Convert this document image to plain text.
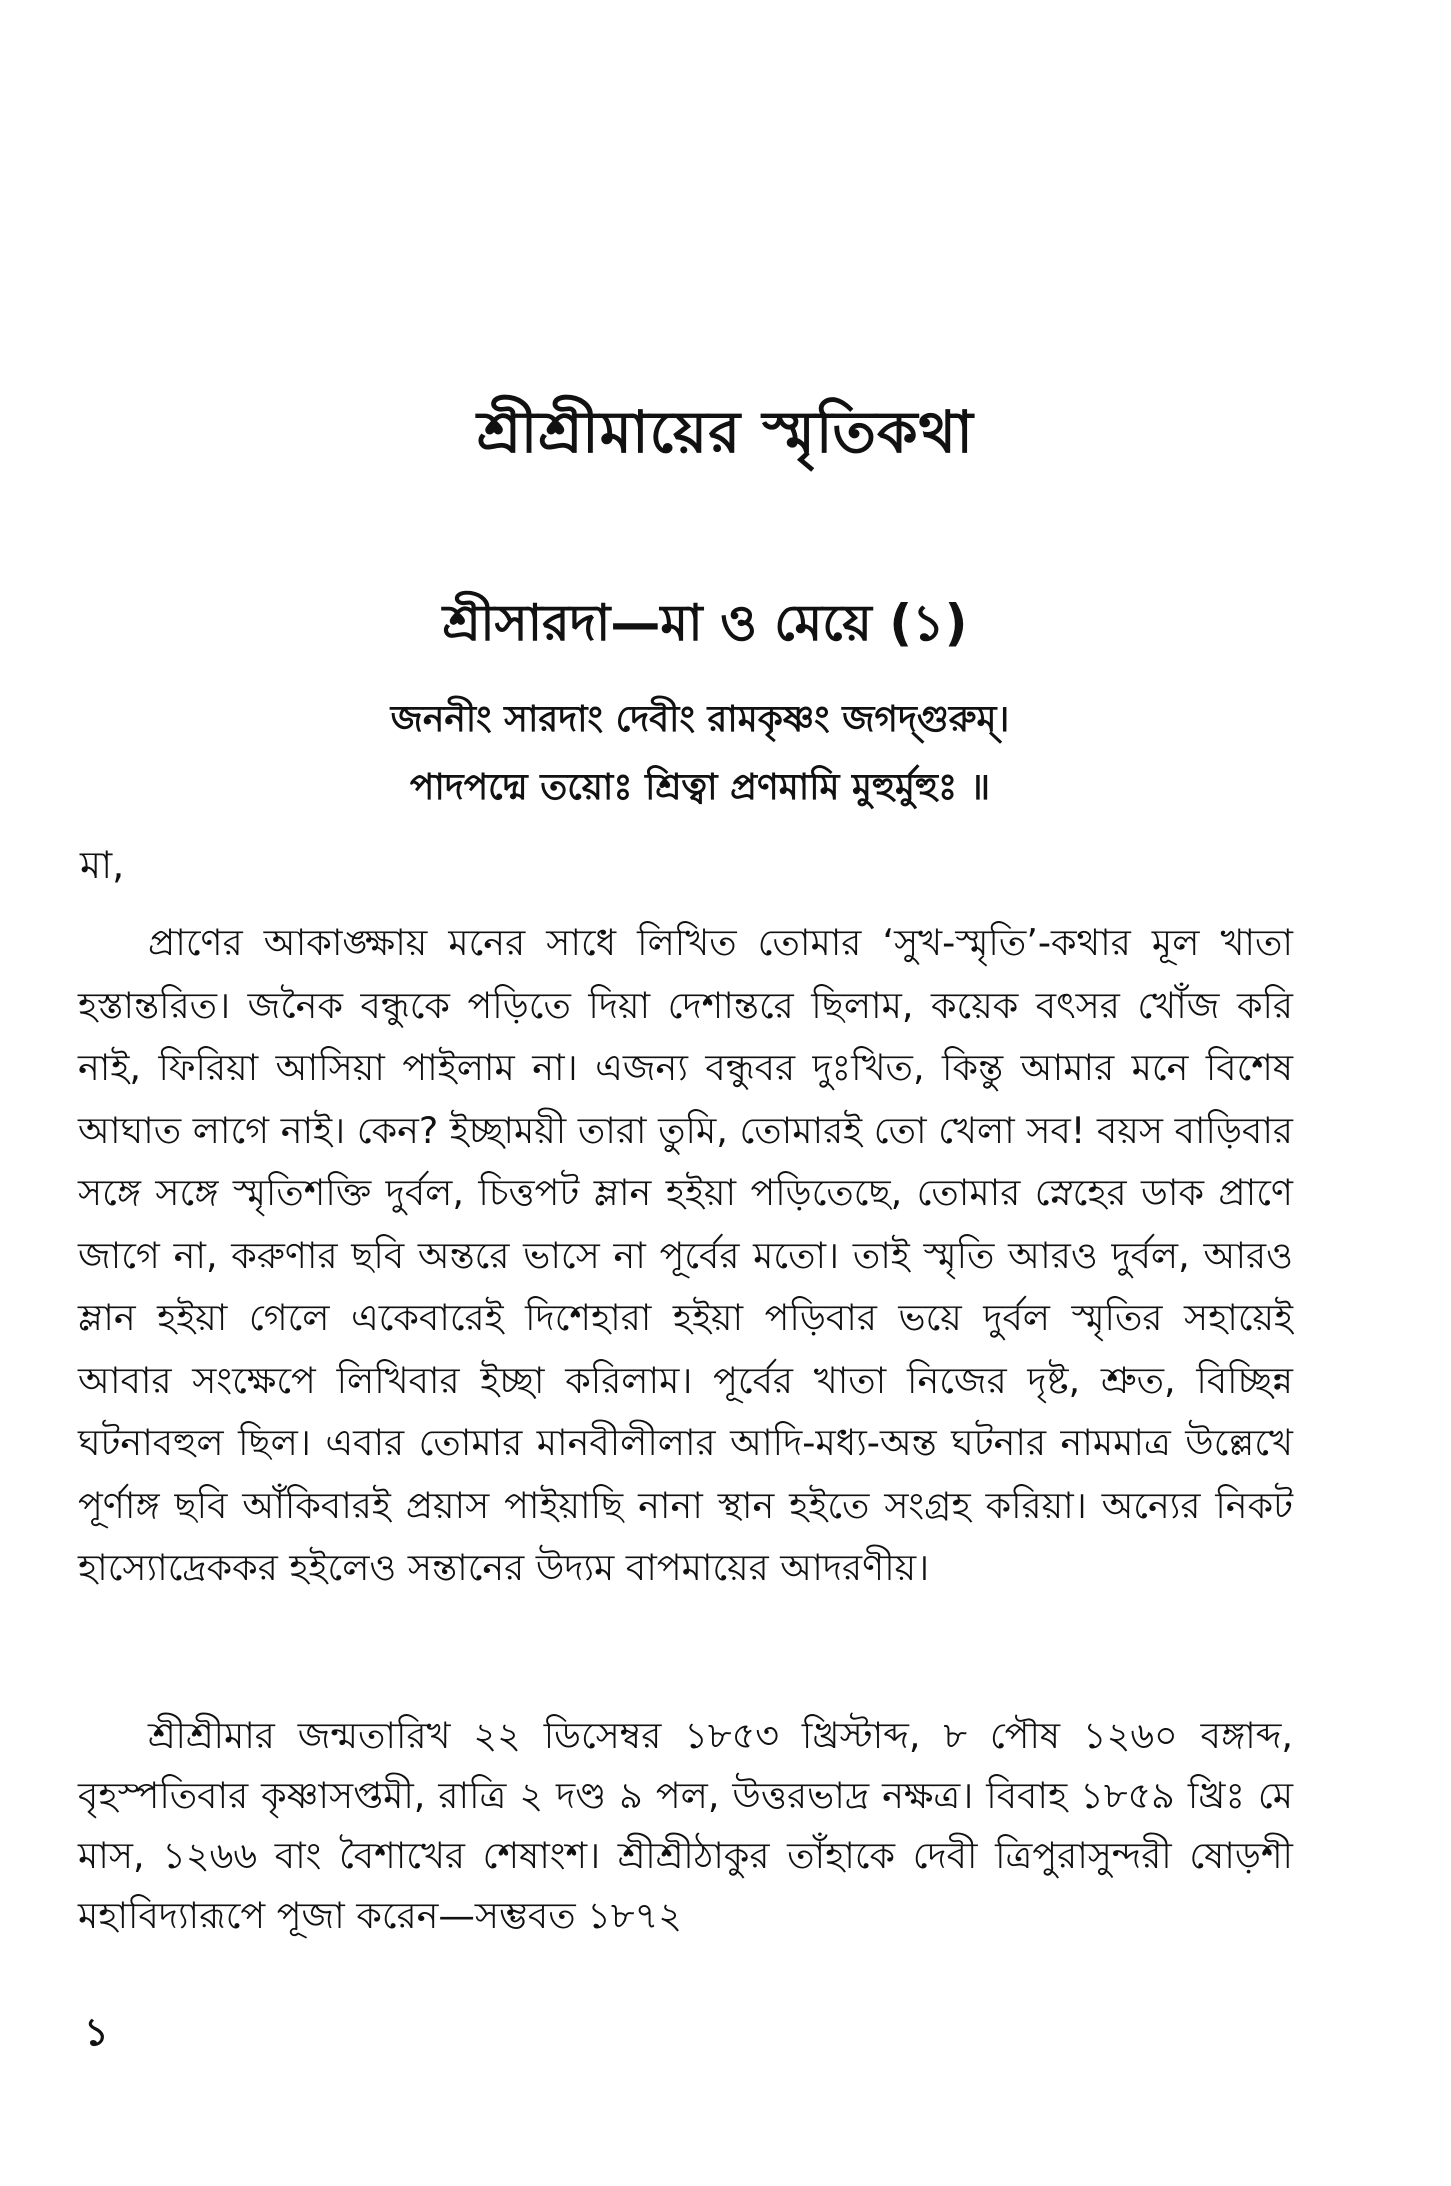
শ্রীশ্রীমায়ের স্মৃতিকথা
শ্রীসারদা—মা ও মেয়ে (১)
জননীং সারদাং দেবীং রামকৃষ্ণং জগদ্গুরুম্।
পাদপদ্মে তয়োঃ শ্রিত্বা প্রণমামি মুহুর্মুহুঃ ॥
মা,

প্রাণের আকাঙ্ক্ষায় মনের সাধে লিখিত তোমার ‘সুখ-স্মৃতি’-কথার মূল খাতা হস্তান্তরিত। জনৈক বন্ধুকে পড়িতে দিয়া দেশান্তরে ছিলাম, কয়েক বৎসর খোঁজ করি নাই, ফিরিয়া আসিয়া পাইলাম না। এজন্য বন্ধুবর দুঃখিত, কিন্তু আমার মনে বিশেষ আঘাত লাগে নাই। কেন? ইচ্ছাময়ী তারা তুমি, তোমারই তো খেলা সব! বয়স বাড়িবার সঙ্গে সঙ্গে স্মৃতিশক্তি দুর্বল, চিত্তপট ম্লান হইয়া পড়িতেছে, তোমার স্নেহের ডাক প্রাণে জাগে না, করুণার ছবি অন্তরে ভাসে না পূর্বের মতো। তাই স্মৃতি আরও দুর্বল, আরও ম্লান হইয়া গেলে একেবারেই দিশেহারা হইয়া পড়িবার ভয়ে দুর্বল স্মৃতির সহায়েই আবার সংক্ষেপে লিখিবার ইচ্ছা করিলাম। পূর্বের খাতা নিজের দৃষ্ট, শ্রুত, বিচ্ছিন্ন ঘটনাবহুল ছিল। এবার তোমার মানবীলীলার আদি-মধ্য-অন্ত ঘটনার নামমাত্র উল্লেখে পূর্ণাঙ্গ ছবি আঁকিবারই প্রয়াস পাইয়াছি নানা স্থান হইতে সংগ্রহ করিয়া। অন্যের নিকট হাস্যোদ্রেককর হইলেও সন্তানের উদ্যম বাপমায়ের আদরণীয়।

শ্রীশ্রীমার জন্মতারিখ ২২ ডিসেম্বর ১৮৫৩ খ্রিস্টাব্দ, ৮ পৌষ ১২৬০ বঙ্গাব্দ, বৃহস্পতিবার কৃষ্ণাসপ্তমী, রাত্রি ২ দণ্ড ৯ পল, উত্তরভাদ্র নক্ষত্র। বিবাহ ১৮৫৯ খ্রিঃ মে মাস, ১২৬৬ বাং বৈশাখের শেষাংশ। শ্রীশ্রীঠাকুর তাঁহাকে দেবী ত্রিপুরাসুন্দরী ষোড়শী মহাবিদ্যারূপে পূজা করেন—সম্ভবত ১৮৭২

১
